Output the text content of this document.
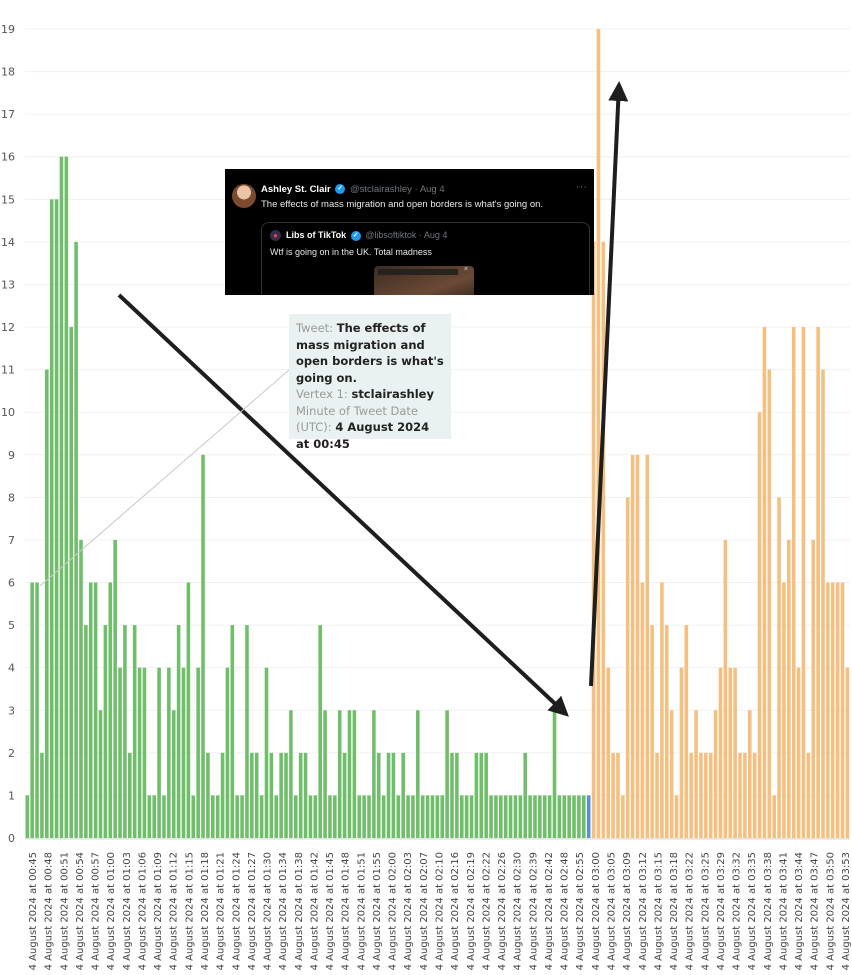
0
1
2
3
4
5
6
7
8
9
10
11
12
13
14
15
16
17
18
19
4 August 2024 at 00:45 4 August 2024 at 00:48 4 August 2024 at 00:51 4 August 2024 at 00:54 4 August 2024 at 00:57 4 August 2024 at 01:00 4 August 2024 at 01:03 4 August 2024 at 01:06 4 August 2024 at 01:09 4 August 2024 at 01:12 4 August 2024 at 01:15 4 August 2024 at 01:18 4 August 2024 at 01:21 4 August 2024 at 01:24 4 August 2024 at 01:27 4 August 2024 at 01:30 4 August 2024 at 01:34 4 August 2024 at 01:38 4 August 2024 at 01:42 4 August 2024 at 01:45 4 August 2024 at 01:48 4 August 2024 at 01:51 4 August 2024 at 01:55 4 August 2024 at 02:00 4 August 2024 at 02:03 4 August 2024 at 02:07 4 August 2024 at 02:10 4 August 2024 at 02:16 4 August 2024 at 02:19 4 August 2024 at 02:22 4 August 2024 at 02:26 4 August 2024 at 02:30 4 August 2024 at 02:39 4 August 2024 at 02:42 4 August 2024 at 02:48 4 August 2024 at 02:55 4 August 2024 at 03:00 4 August 2024 at 03:05 4 August 2024 at 03:09 4 August 2024 at 03:12 4 August 2024 at 03:15 4 August 2024 at 03:18 4 August 2024 at 03:22 4 August 2024 at 03:25 4 August 2024 at 03:29 4 August 2024 at 03:32 4 August 2024 at 03:35 4 August 2024 at 03:38 4 August 2024 at 03:41 4 August 2024 at 03:44 4 August 2024 at 03:47 4 August 2024 at 03:50 4 August 2024 at 03:53
Ashley St. Clair ✓ @stclairashley · Aug 4	···
The effects of mass migration and open borders is what's going on.
● Libs of TikTok ✓ @libsoftiktok · Aug 4
Wtf is going on in the UK. Total madness
×
Tweet: The effects of mass migration and open borders is what's going on.
Vertex 1: stclairashley
Minute of Tweet Date (UTC): 4 August 2024 at 00:45
